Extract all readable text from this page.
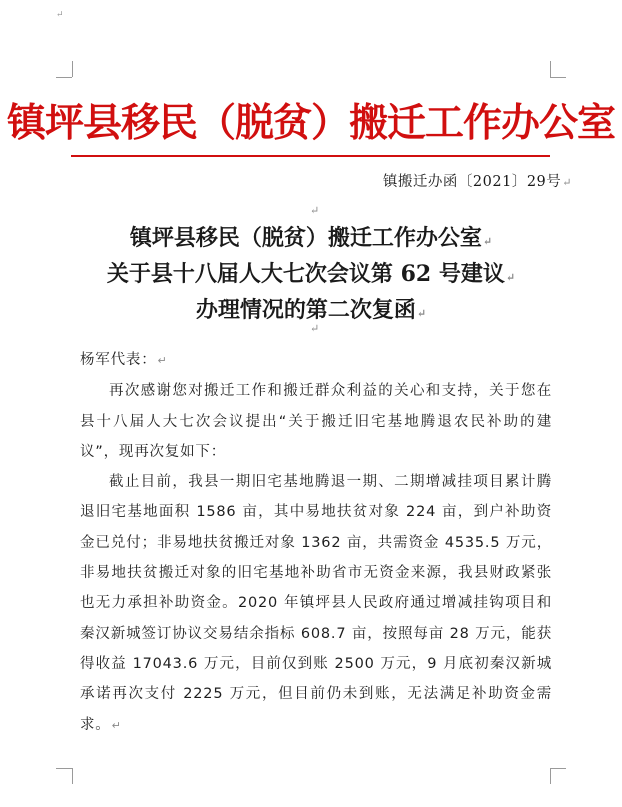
↵
镇坪县移民（脱贫）搬迁工作办公室
镇搬迁办函〔2021〕29号↵
↵
镇坪县移民（脱贫）搬迁工作办公室↵
关于县十八届人大七次会议第 62 号建议↵
办理情况的第二次复函↵
↵

杨军代表：↵

再次感谢您对搬迁工作和搬迁群众利益的关心和支持，关于您在县十八届人大七次会议提出“关于搬迁旧宅基地腾退农民补助的建议”，现再次复如下：

截止目前，我县一期旧宅基地腾退一期、二期增减挂项目累计腾退旧宅基地面积 1586 亩，其中易地扶贫对象 224 亩，到户补助资金已兑付；非易地扶贫搬迁对象 1362 亩，共需资金 4535.5 万元，非易地扶贫搬迁对象的旧宅基地补助省市无资金来源，我县财政紧张也无力承担补助资金。2020 年镇坪县人民政府通过增减挂钩项目和秦汉新城签订协议交易结余指标 608.7 亩，按照每亩 28 万元，能获得收益 17043.6 万元，目前仅到账 2500 万元，9 月底初秦汉新城承诺再次支付 2225 万元，但目前仍未到账，无法满足补助资金需求。↵
